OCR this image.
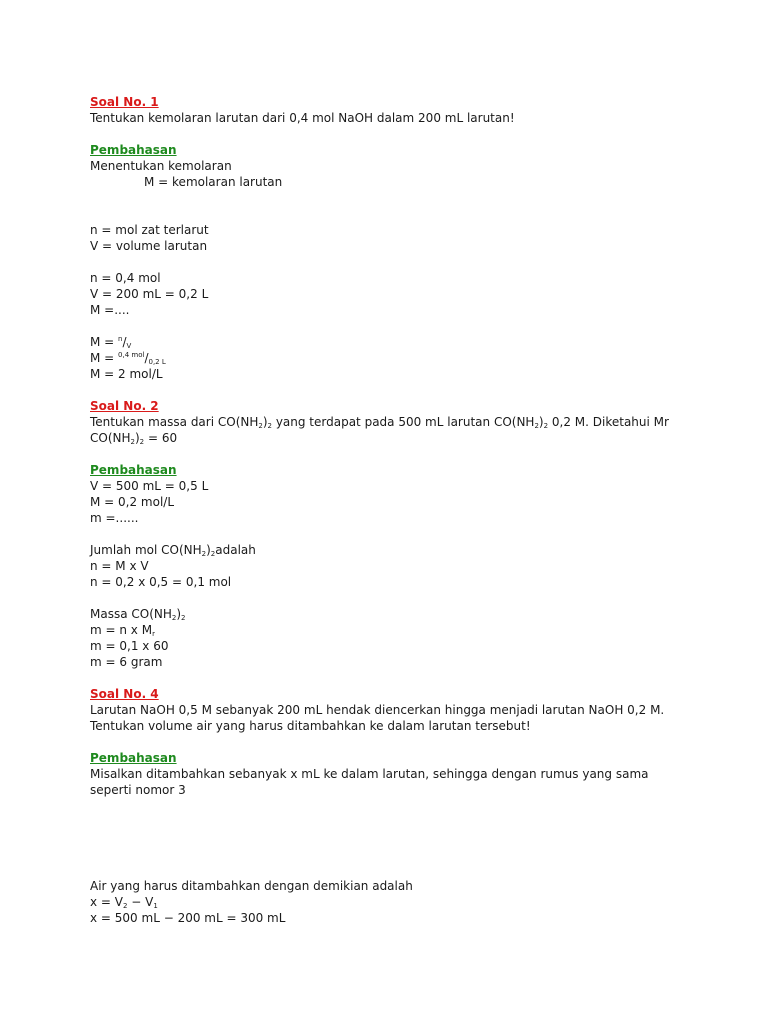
Soal No. 1
Tentukan kemolaran larutan dari 0,4 mol NaOH dalam 200 mL larutan!
Pembahasan
Menentukan kemolaran
M = kemolaran larutan
n = mol zat terlarut
V = volume larutan
n = 0,4 mol
V = 200 mL = 0,2 L
M =....
$M = ^n/_V$
$M = ^{0,4 mol}/_{0,2 L}$
M = 2 mol/L
Soal No. 2
Tentukan massa dari $CO(NH_2)_2$ yang terdapat pada 500 mL larutan $CO(NH_2)_2$ 0,2 M. Diketahui Mr
$CO(NH_2)_2 = 60$
Pembahasan
V = 500 mL = 0,5 L
M = 0,2 mol/L
m =......
Jumlah mol $CO(NH_2)_2adalah$
n = M x V
n = 0,2 x 0,5 = 0,1 mol
Massa $CO(NH_2)_2$
m = n x $M_r$
m = 0,1 x 60
m = 6 gram
Soal No. 4
Larutan NaOH 0,5 M sebanyak 200 mL hendak diencerkan hingga menjadi larutan NaOH 0,2 M.
Tentukan volume air yang harus ditambahkan ke dalam larutan tersebut!
Pembahasan
Misalkan ditambahkan sebanyak x mL ke dalam larutan, sehingga dengan rumus yang sama
seperti nomor 3
Air yang harus ditambahkan dengan demikian adalah
$x = V_2 - V_1$
x = 500 mL − 200 mL = 300 mL
